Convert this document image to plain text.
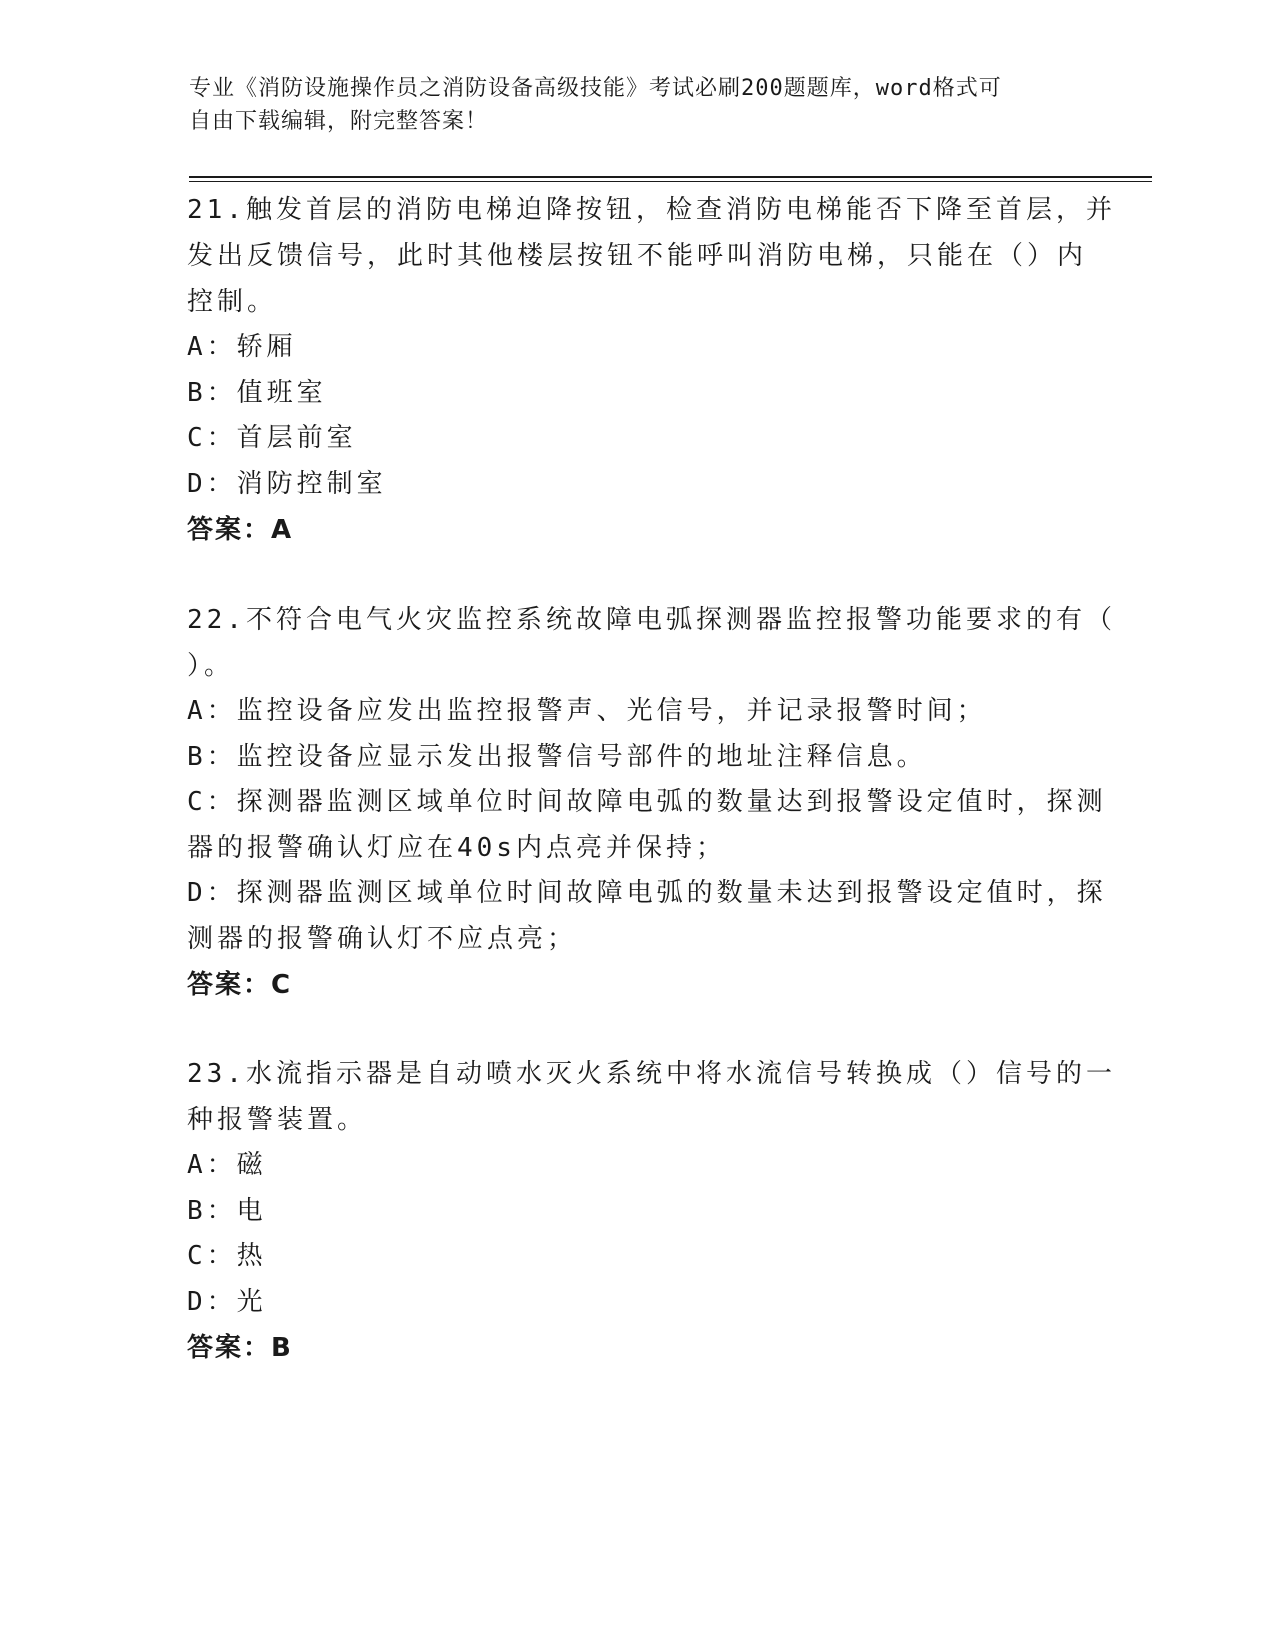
专业《消防设施操作员之消防设备高级技能》考试必刷200题题库，word格式可
自由下载编辑，附完整答案！
21.触发首层的消防电梯迫降按钮，检查消防电梯能否下降至首层，并
发出反馈信号，此时其他楼层按钮不能呼叫消防电梯，只能在（）内
控制。
A：轿厢
B：值班室
C：首层前室
D：消防控制室
答案：A
22.不符合电气火灾监控系统故障电弧探测器监控报警功能要求的有（
）。
A：监控设备应发出监控报警声、光信号，并记录报警时间；
B：监控设备应显示发出报警信号部件的地址注释信息。
C：探测器监测区域单位时间故障电弧的数量达到报警设定值时，探测
器的报警确认灯应在40s内点亮并保持；
D：探测器监测区域单位时间故障电弧的数量未达到报警设定值时，探
测器的报警确认灯不应点亮；
答案：C
23.水流指示器是自动喷水灭火系统中将水流信号转换成（）信号的一
种报警装置。
A：磁
B：电
C：热
D：光
答案：B
